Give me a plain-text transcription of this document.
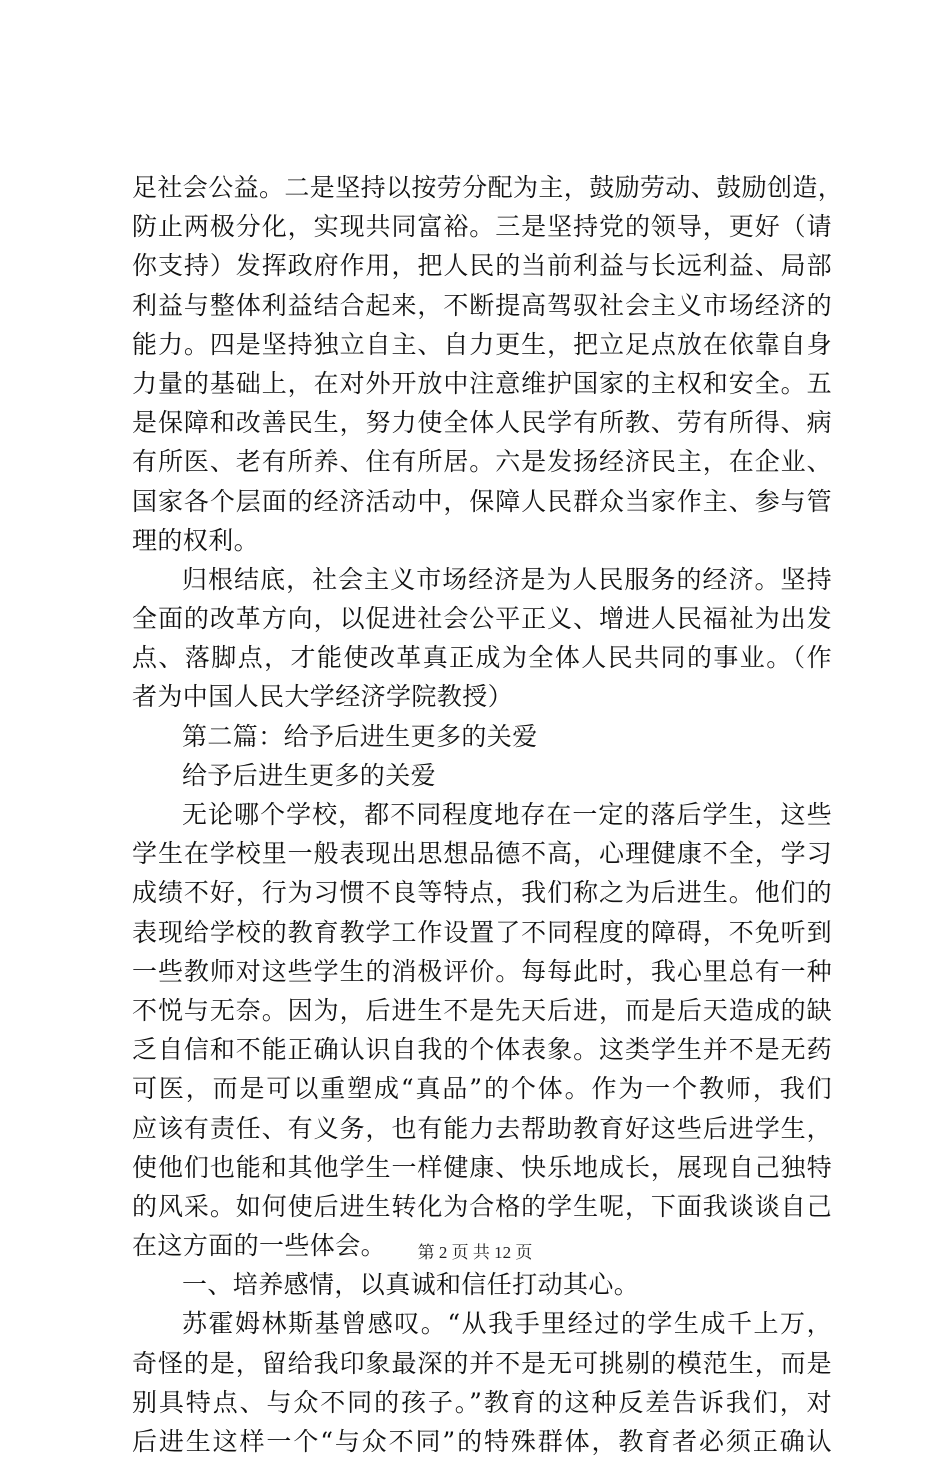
足社会公益。二是坚持以按劳分配为主，鼓励劳动、鼓励创造，
防止两极分化，实现共同富裕。三是坚持党的领导，更好（请
你支持）发挥政府作用，把人民的当前利益与长远利益、局部
利益与整体利益结合起来，不断提高驾驭社会主义市场经济的
能力。四是坚持独立自主、自力更生，把立足点放在依靠自身
力量的基础上，在对外开放中注意维护国家的主权和安全。五
是保障和改善民生，努力使全体人民学有所教、劳有所得、病
有所医、老有所养、住有所居。六是发扬经济民主，在企业、
国家各个层面的经济活动中，保障人民群众当家作主、参与管
理的权利。
归根结底，社会主义市场经济是为人民服务的经济。坚持
全面的改革方向，以促进社会公平正义、增进人民福祉为出发
点、落脚点，才能使改革真正成为全体人民共同的事业。（作
者为中国人民大学经济学院教授）
第二篇：给予后进生更多的关爱
给予后进生更多的关爱
无论哪个学校，都不同程度地存在一定的落后学生，这些
学生在学校里一般表现出思想品德不高，心理健康不全，学习
成绩不好，行为习惯不良等特点，我们称之为后进生。他们的
表现给学校的教育教学工作设置了不同程度的障碍，不免听到
一些教师对这些学生的消极评价。每每此时，我心里总有一种
不悦与无奈。因为，后进生不是先天后进，而是后天造成的缺
乏自信和不能正确认识自我的个体表象。这类学生并不是无药
可医，而是可以重塑成“真品”的个体。作为一个教师，我们
应该有责任、有义务，也有能力去帮助教育好这些后进学生，
使他们也能和其他学生一样健康、快乐地成长，展现自己独特
的风采。如何使后进生转化为合格的学生呢，下面我谈谈自己
在这方面的一些体会。
一、培养感情，以真诚和信任打动其心。
苏霍姆林斯基曾感叹。“从我手里经过的学生成千上万，
奇怪的是，留给我印象最深的并不是无可挑剔的模范生，而是
别具特点、与众不同的孩子。”教育的这种反差告诉我们，对
后进生这样一个“与众不同”的特殊群体，教育者必须正确认
第 2 页 共 12 页
